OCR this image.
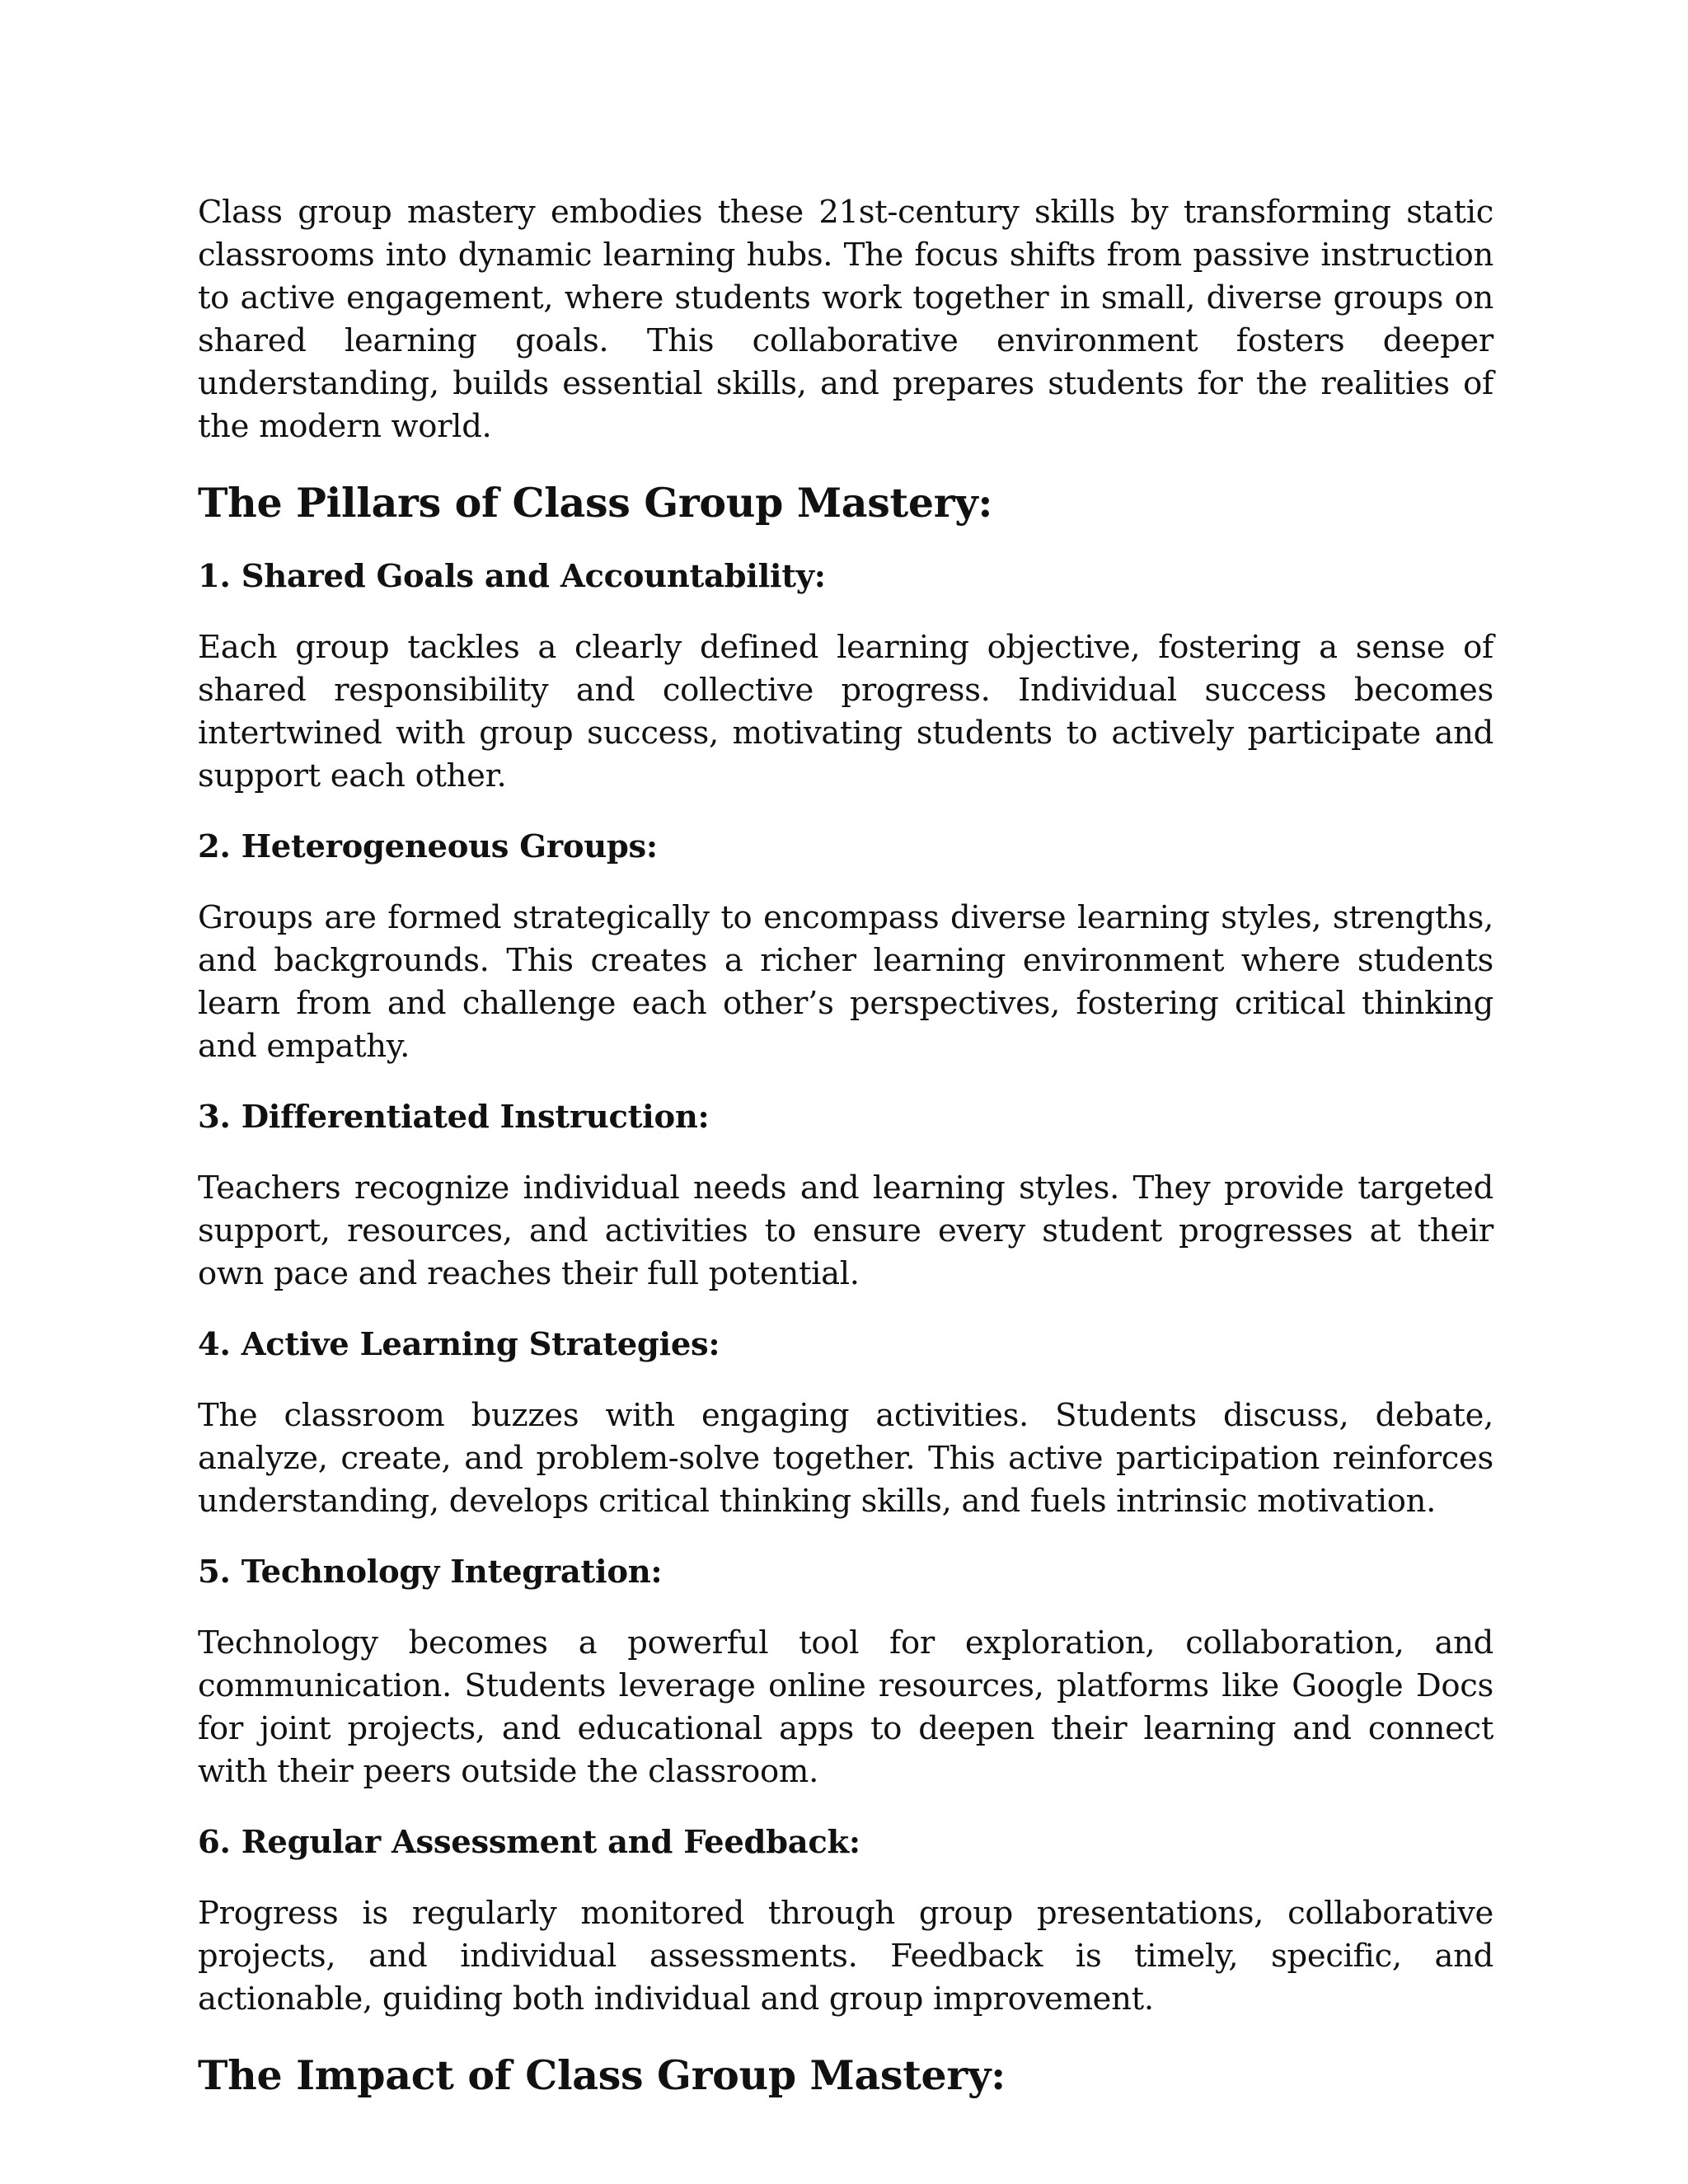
Class group mastery embodies these 21st-century skills by transforming static classrooms into dynamic learning hubs. The focus shifts from passive instruction to active engagement, where students work together in small, diverse groups on shared learning goals. This collaborative environment fosters deeper understanding, builds essential skills, and prepares students for the realities of the modern world.

The Pillars of Class Group Mastery:
1. Shared Goals and Accountability:

Each group tackles a clearly defined learning objective, fostering a sense of shared responsibility and collective progress. Individual success becomes intertwined with group success, motivating students to actively participate and support each other.

2. Heterogeneous Groups:

Groups are formed strategically to encompass diverse learning styles, strengths, and backgrounds. This creates a richer learning environment where students learn from and challenge each other’s perspectives, fostering critical thinking and empathy.

3. Differentiated Instruction:

Teachers recognize individual needs and learning styles. They provide targeted support, resources, and activities to ensure every student progresses at their own pace and reaches their full potential.

4. Active Learning Strategies:

The classroom buzzes with engaging activities. Students discuss, debate, analyze, create, and problem-solve together. This active participation reinforces understanding, develops critical thinking skills, and fuels intrinsic motivation.

5. Technology Integration:

Technology becomes a powerful tool for exploration, collaboration, and communication. Students leverage online resources, platforms like Google Docs for joint projects, and educational apps to deepen their learning and connect with their peers outside the classroom.

6. Regular Assessment and Feedback:

Progress is regularly monitored through group presentations, collaborative projects, and individual assessments. Feedback is timely, specific, and actionable, guiding both individual and group improvement.

The Impact of Class Group Mastery:
